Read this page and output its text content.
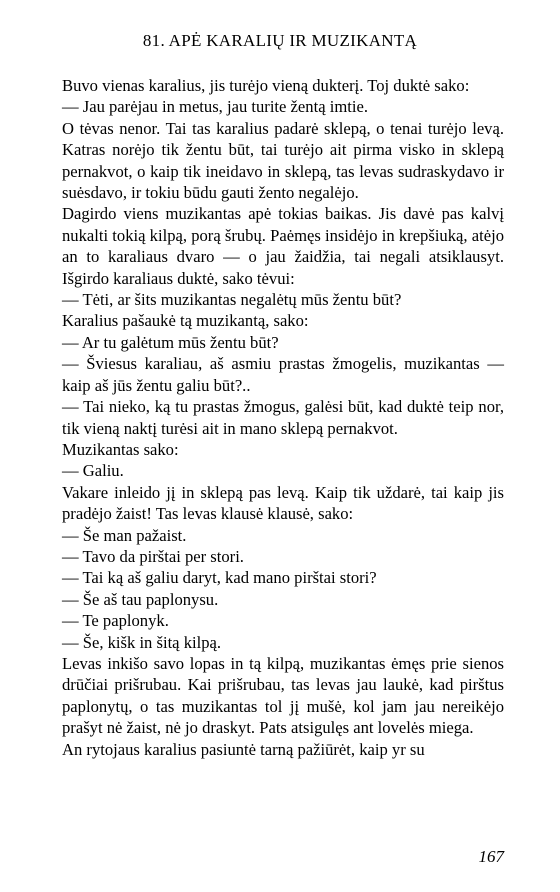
81. APĖ KARALIŲ IR MUZIKANTĄ

Buvo vienas karalius, jis turėjo vieną dukterį. Toj duktė sako:

— Jau parėjau in metus, jau turite žentą imtie.

O tėvas nenor. Tai tas karalius padarė sklepą, o tenai turėjo levą. Katras norėjo tik žentu būt, tai turėjo ait pirma visko in sklepą pernakvot, o kaip tik ineidavo in sklepą, tas levas sudraskydavo ir suėsdavo, ir tokiu būdu gauti žento negalėjo.

Dagirdo viens muzikantas apė tokias baikas. Jis davė pas kalvį nukalti tokią kilpą, porą šrubų. Paėmęs insidėjo in krepšiuką, atėjo an to karaliaus dvaro — o jau žaidžia, tai negali atsiklausyt. Išgirdo karaliaus duktė, sako tėvui:

— Tėti, ar šits muzikantas negalėtų mūs žentu būt?

Karalius pašaukė tą muzikantą, sako:

— Ar tu galėtum mūs žentu būt?

— Šviesus karaliau, aš asmiu prastas žmogelis, muzikantas — kaip aš jūs žentu galiu būt?..

— Tai nieko, ką tu prastas žmogus, galėsi būt, kad duktė teip nor, tik vieną naktį turėsi ait in mano sklepą pernakvot.

Muzikantas sako:

— Galiu.

Vakare inleido jį in sklepą pas levą. Kaip tik uždarė, tai kaip jis pradėjo žaist! Tas levas klausė klausė, sako:

— Še man pažaist.

— Tavo da pirštai per stori.

— Tai ką aš galiu daryt, kad mano pirštai stori?

— Še aš tau paplonysu.

— Te paplonyk.

— Še, kišk in šitą kilpą.

Levas inkišo savo lopas in tą kilpą, muzikantas ėmęs prie sienos drūčiai prišrubau. Kai prišrubau, tas levas jau laukė, kad pirštus paplonytų, o tas muzikantas tol jį mušė, kol jam jau nereikėjo prašyt nė žaist, nė jo draskyt. Pats atsigulęs ant lovelės miega.

An rytojaus karalius pasiuntė tarną pažiūrėt, kaip yr su

167
